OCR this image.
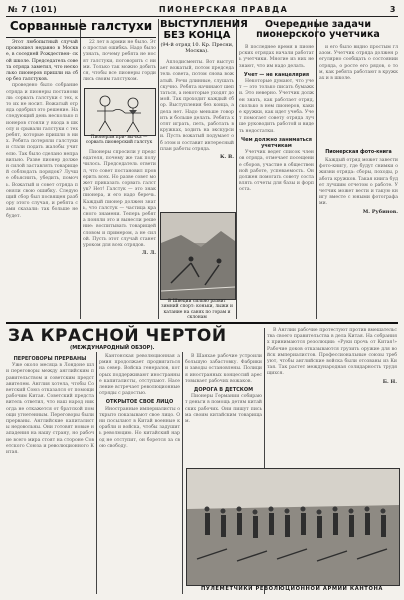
№ 7 (101)	ПИОНЕРСКАЯ ПРАВДА	3
Сорванные галстухи

Этот любопытный случай произошел недавно в Москве, в соседней Рождествен- ской школе. Председатель совета отряда заметил, что несколько пионеров пришли на сбор без галстуков.

проведено было собрание отряда и пионеры постановили: сорвать галстуки с тех, кто их не носит. Вожатый отряда одобрил это решение. На следующий день несколько пионеров стояли у входа в школу и срывали галстуки с тех ребят, которые пришли в них. Ребята потеряли галстуки и стали подать жалобы учителю. Так было сделано неправильно. Разве пионер должен силой заставлять товарищей соблюдать порядок? Лучше объяснить, убедить, помочь. Вожатый и совет отряда поняли свою ошибку. Следующий сбор был посвящен разбору этого случая, и ребята сами сказали: так больше не будет.

22 лет в армии не было. Это простая ошибка. Надо было узнать, почему ребята не носят галстуки, поговорить с ними. Только так можно добиться, чтобы все пионеры гордились своим галстуком.

Пионерам при- вычка — сорвать пионерский галстук

Пионеры спросили у председателя, почему же так получилось. Председатель ответил, что совет постановил проверить всех. Но разве совет может приказать сорвать галстук? Нет! Галстук — это знак пионера, и его надо беречь. Каждый пионер должен знать, что галстук — частица красного знамени. Теперь ребята поняли это и вынесли решение: воспитывать товарищей словом и примером, а не силой. Пусть этот случай станет уроком для всех отрядов.

Л. Л.
ВЫСТУПЛЕНИЯ БЕЗ КОНЦА
(94-й отряд 10. Кр. Пресни, Москва).

Аплодисменты. Вот выступает вожатый, потом председатель совета, потом снова вожатый. Речи длинные, слушать скучно. Ребята начинают шептаться, а некоторые уходят домой. Так проходит каждый сбор. Выступления без конца, а дела нет. Надо меньше говорить и больше делать. Ребята хотят играть, петь, работать в кружках, ходить на экскурсии. Пусть вожатый подумает об этом и составит интересный план работы отряда.

К. В.
В Швеции сильно развит зимний спорт: коньки, лыжи и катание на санях по горам и склонам
Очередные задачи пионерского учетчика

В последнее время в пионерских отрядах начали работать учетчики. Многие из них не знают, что им надо делать.

Учет — не канцелярия

Некоторые думают, что учет — это только писать бумажки. Это неверно. Учетчик должен знать, как работает отряд, сколько в нем пионеров, какие кружки, как идет учеба. Учет помогает совету отряда лучше руководить работой и видеть недостатки.

Чем должно заниматься учетчикам

Учетчик ведет список членов отряда, отмечает посещение сборов, участие в общественной работе, успеваемость. Он должен помогать совету составлять отчеты для базы и форпоста.

и его было видно простым глазом. Учетчик отряда должен регулярно сообщать о состоянии отряда, о росте его рядов, о том, как ребята работают в кружках и в школе.

Пионерская фото-книга

Каждый отряд может завести фото-книгу, где будут снимки о жизни отряда: сборы, походы, работа кружков. Такая книга будет лучшим отчетом о работе. Учетчик может вести и такую книгу вместе с юными фотографами.

М. Рубинов.
ЗА КРАСНОЙ ЧЕРТОЙ
(МЕЖДУНАРОДНЫЙ ОБЗОР).
ПЕРЕГОВОРЫ ПРЕРВАНЫ

Уже около месяца в Лондоне шли переговоры между английским правительством и советским представителем. Англия хотела, чтобы Советский Союз отказался от помощи рабочим Китая. Советский представитель ответил, что наш народ никогда не откажется от братской помощи угнетенным. Переговоры были прерваны. Английские капиталисты недовольны. Они готовят новые нападения на нашу страну, но рабочие всего мира стоят на стороне Советского Союза и революционного Китая.

Кантонская революционная армия продолжает продвигаться на север. Войска генералов, которых поддерживают иностранные капиталисты, отступают. Население встречает революционные отряды с радостью.

ОТКРЫТОЕ СВОЕ ЛИЦО

Иностранные империалисты открыто показывают свое лицо. Они посылают в Китай военные корабли и войска, чтобы задушить революцию. Но китайский народ не отступит, он борется за свою свободу.

В Шанхае рабочие устроили большую забастовку. Фабрики и заводы остановлены. Полиция иностранных концессий арестовывает рабочих вожаков.

ДОРОГА В ДЕТСКОМ

Пионеры Германии собирают деньги в помощь детям китайских рабочих. Они пишут письма своим китайским товарищам.

В Англии рабочие протестуют против вмешательства своего правительства в дела Китая. На собраниях принимаются резолюции: «Руки прочь от Китая!» Рабочие доков отказываются грузить оружие для войск империалистов. Профессиональные союзы требуют, чтобы английские войска были отозваны из Китая. Так растет международная солидарность трудящихся.

Б. Н.
ПУЛЕМЕТЧИКИ РЕВОЛЮЦИОННОЙ АРМИИ КАНТОНА
